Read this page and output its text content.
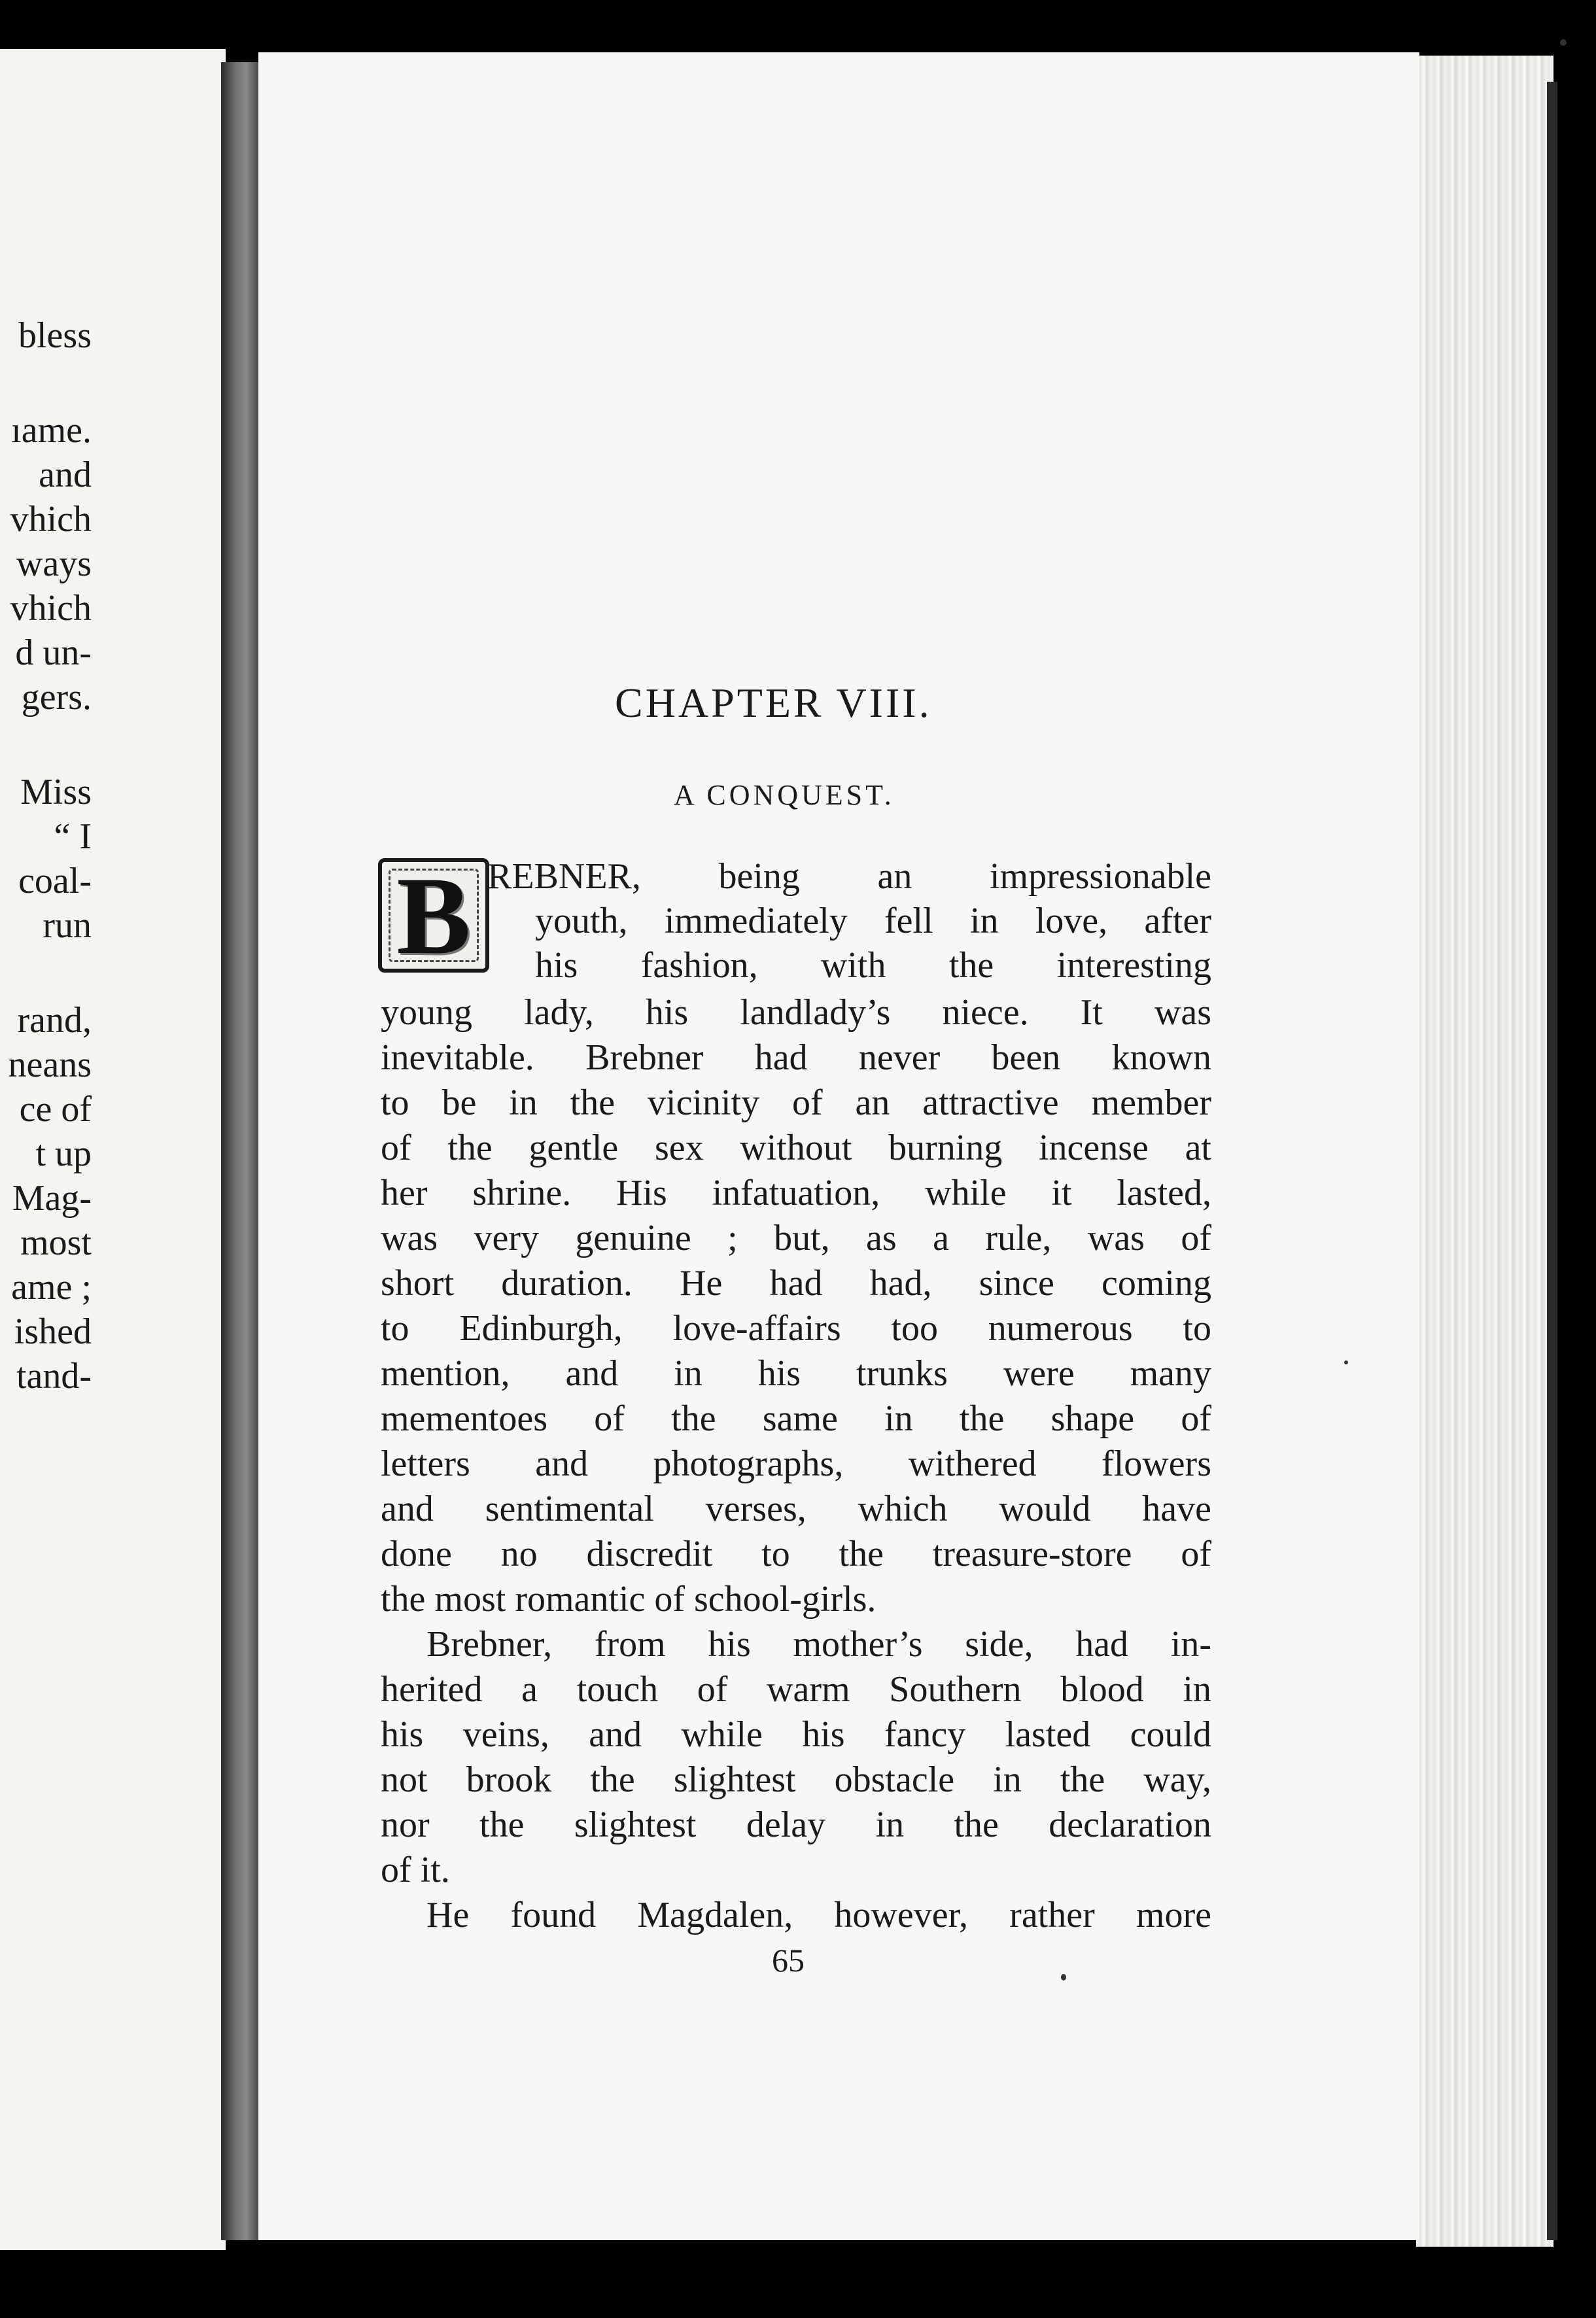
bless
ıame.
and
vhich
ways
vhich
d un-
gers.
Miss
“ I
coal-
run
rand,
neans
ce of
t up
Mag-
most
ame ;
ished
tand-
CHAPTER VIII.
A CONQUEST.
B REBNER, being an impressionable
youth, immediately fell in love, after
his fashion, with the interesting
young lady, his landlady’s niece. It was
inevitable. Brebner had never been known
to be in the vicinity of an attractive member
of the gentle sex without burning incense at
her shrine. His infatuation, while it lasted,
was very genuine ; but, as a rule, was of
short duration. He had had, since coming
to Edinburgh, love-affairs too numerous to
mention, and in his trunks were many
mementoes of the same in the shape of
letters and photographs, withered flowers
and sentimental verses, which would have
done no discredit to the treasure-store of
the most romantic of school-girls.
Brebner, from his mother’s side, had in-
herited a touch of warm Southern blood in
his veins, and while his fancy lasted could
not brook the slightest obstacle in the way,
nor the slightest delay in the declaration
of it.
He found Magdalen, however, rather more
65
